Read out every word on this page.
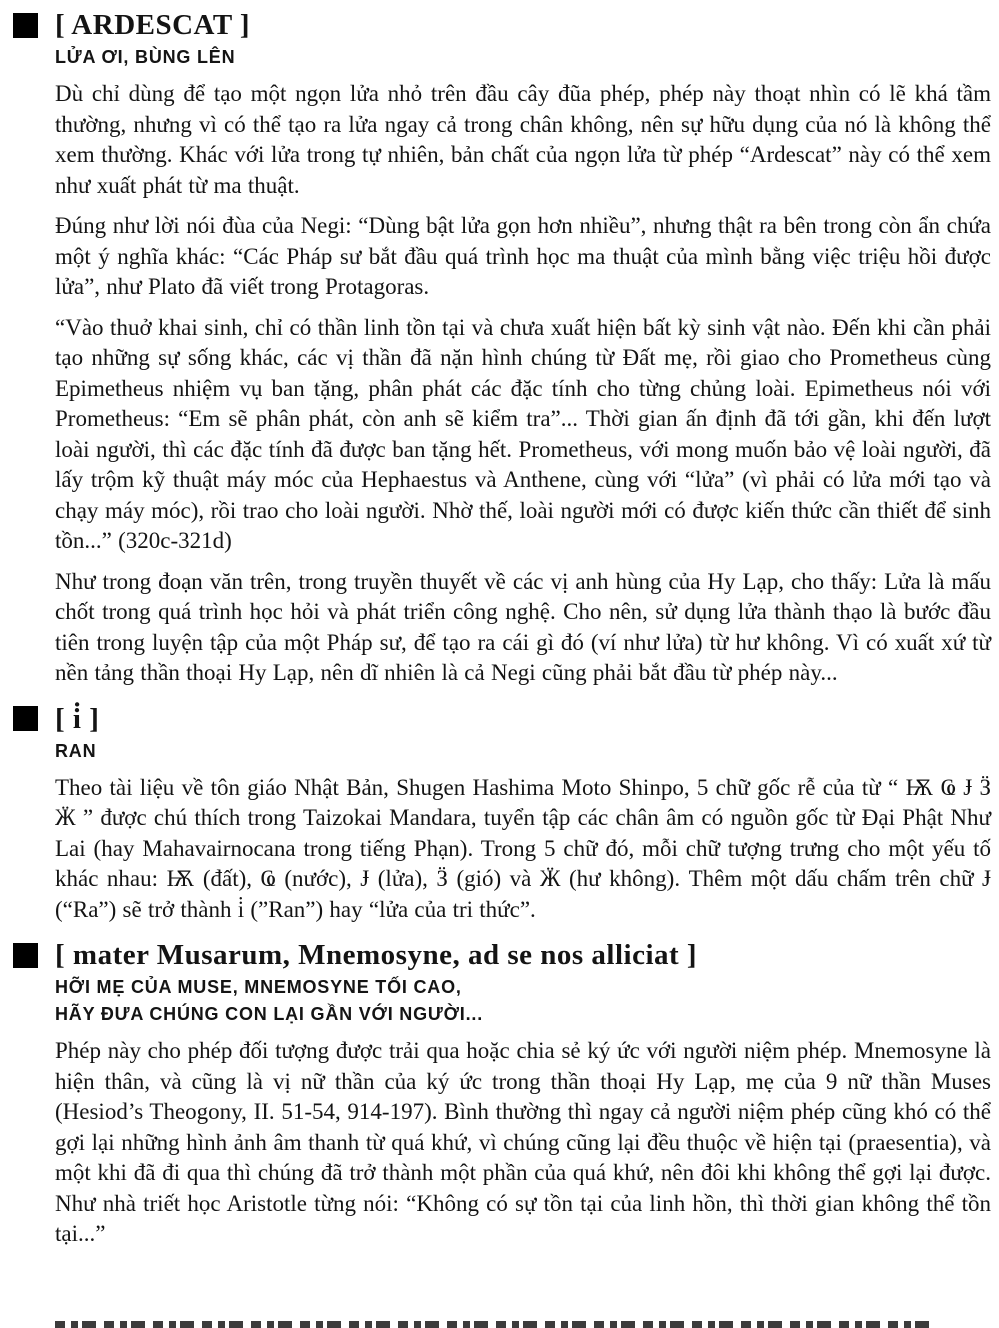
[ ARDESCAT ]
LỬA ƠI, BÙNG LÊN

Dù chỉ dùng để tạo một ngọn lửa nhỏ trên đầu cây đũa phép, phép này thoạt nhìn có lẽ khá tầm thường, nhưng vì có thể tạo ra lửa ngay cả trong chân không, nên sự hữu dụng của nó là không thể xem thường. Khác với lửa trong tự nhiên, bản chất của ngọn lửa từ phép “Ardescat” này có thể xem như xuất phát từ ma thuật.

Đúng như lời nói đùa của Negi: “Dùng bật lửa gọn hơn nhiều”, nhưng thật ra bên trong còn ẩn chứa một ý nghĩa khác: “Các Pháp sư bắt đầu quá trình học ma thuật của mình bằng việc triệu hồi được lửa”, như Plato đã viết trong Protagoras.

“Vào thuở khai sinh, chỉ có thần linh tồn tại và chưa xuất hiện bất kỳ sinh vật nào. Đến khi cần phải tạo những sự sống khác, các vị thần đã nặn hình chúng từ Đất mẹ, rồi giao cho Prometheus cùng Epimetheus nhiệm vụ ban tặng, phân phát các đặc tính cho từng chủng loài. Epimetheus nói với Prometheus: “Em sẽ phân phát, còn anh sẽ kiểm tra”... Thời gian ấn định đã tới gần, khi đến lượt loài người, thì các đặc tính đã được ban tặng hết. Prometheus, với mong muốn bảo vệ loài người, đã lấy trộm kỹ thuật máy móc của Hephaestus và Anthene, cùng với “lửa” (vì phải có lửa mới tạo và chạy máy móc), rồi trao cho loài người. Nhờ thế, loài người mới có được kiến thức cần thiết để sinh tồn...” (320c-321d)

Như trong đoạn văn trên, trong truyền thuyết về các vị anh hùng của Hy Lạp, cho thấy: Lửa là mấu chốt trong quá trình học hỏi và phát triển công nghệ. Cho nên, sử dụng lửa thành thạo là bước đầu tiên trong luyện tập của một Pháp sư, để tạo ra cái gì đó (ví như lửa) từ hư không. Vì có xuất xứ từ nền tảng thần thoại Hy Lạp, nên dĩ nhiên là cả Negi cũng phải bắt đầu từ phép này...

[ i̇ ]
RAN

Theo tài liệu về tôn giáo Nhật Bản, Shugen Hashima Moto Shinpo, 5 chữ gốc rễ của từ “ Ѭ Ҩ Ɉ Ӟ Ӝ ” được chú thích trong Taizokai Mandara, tuyển tập các chân âm có nguồn gốc từ Đại Phật Như Lai (hay Mahavairnocana trong tiếng Phạn). Trong 5 chữ đó, mỗi chữ tượng trưng cho một yếu tố khác nhau: Ѭ (đất), Ҩ (nước), Ɉ (lửa), Ӟ (gió) và Ӝ (hư không). Thêm một dấu chấm trên chữ Ɉ (“Ra”) sẽ trở thành i̇ (”Ran”) hay “lửa của tri thức”.

[ mater Musarum, Mnemosyne, ad se nos alliciat ]
HỠI MẸ CỦA MUSE, MNEMOSYNE TỐI CAO,
HÃY ĐƯA CHÚNG CON LẠI GẦN VỚI NGƯỜI...

Phép này cho phép đối tượng được trải qua hoặc chia sẻ ký ức với người niệm phép. Mnemosyne là hiện thân, và cũng là vị nữ thần của ký ức trong thần thoại Hy Lạp, mẹ của 9 nữ thần Muses (Hesiod’s Theogony, II. 51-54, 914-197). Bình thường thì ngay cả người niệm phép cũng khó có thể gợi lại những hình ảnh âm thanh từ quá khứ, vì chúng cũng lại đều thuộc về hiện tại (praesentia), và một khi đã đi qua thì chúng đã trở thành một phần của quá khứ, nên đôi khi không thể gợi lại được. Như nhà triết học Aristotle từng nói: “Không có sự tồn tại của linh hồn, thì thời gian không thể tồn tại...”
